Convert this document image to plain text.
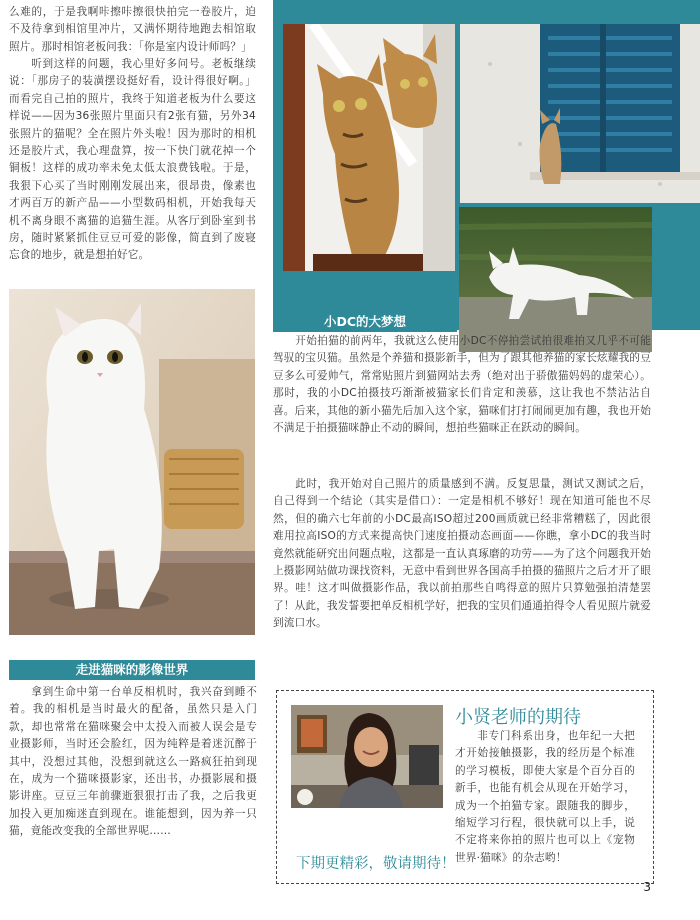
么难的，于是我啊咔擦咔擦很快拍完一卷胶片，迫不及待拿到相馆里冲片，又满怀期待地跑去相馆取照片。那时相馆老板问我：「你是室内设计师吗？」

听到这样的问题，我心里好多问号。老板继续说：「那房子的装潢摆设挺好看，设计得很好啊。」而看完自己拍的照片，我终于知道老板为什么要这样说——因为36张照片里面只有2张有猫，另外34张照片的猫呢？全在照片外头啦！因为那时的相机还是胶片式，我心理盘算，按一下快门就花掉一个铜板！这样的成功率未免太低太浪费钱啦。于是，我狠下心买了当时刚刚发展出来，很昂贵，像素也才两百万的新产品——小型数码相机，开始我每天机不离身眼不离猫的追猫生涯。从客厅到卧室到书房，随时紧紧抓住豆豆可爱的影像，简直到了废寝忘食的地步，就是想拍好它。

小DC的大梦想

开始拍猫的前两年，我就这么使用小DC不停拍尝试拍很难拍又几乎不可能驾驭的宝贝猫。虽然是个养猫和摄影新手，但为了跟其他养猫的家长炫耀我的豆豆多么可爱帅气，常常贴照片到猫网站去秀（绝对出于骄傲猫妈妈的虚荣心）。那时，我的小DC拍摄技巧渐渐被猫家长们肯定和羡慕，这让我也不禁沾沾自喜。后来，其他的新小猫先后加入这个家，猫咪们打打闹闹更加有趣，我也开始不满足于拍摄猫咪静止不动的瞬间，想拍些猫咪正在跃动的瞬间。

此时，我开始对自己照片的质量感到不满。反复思量，测试又测试之后，自己得到一个结论（其实是借口）：一定是相机不够好！现在知道可能也不尽然，但的确六七年前的小DC最高ISO超过200画质就已经非常糟糕了，因此很难用拉高ISO的方式来提高快门速度拍摄动态画面——你瞧，拿小DC的我当时竟然就能研究出问题点啦，这都是一直认真琢磨的功劳——为了这个问题我开始上摄影网站做功课找资料，无意中看到世界各国高手拍摄的猫照片之后才开了眼界。哇！这才叫做摄影作品，我以前拍那些自鸣得意的照片只算勉强拍清楚罢了！从此，我发誓要把单反相机学好，把我的宝贝们通通拍得令人看见照片就爱到流口水。

走进猫咪的影像世界

拿到生命中第一台单反相机时，我兴奋到睡不着。我的相机是当时最火的配备，虽然只是入门款，却也常常在猫咪聚会中太投入而被人误会是专业摄影师，当时还会脸红，因为纯粹是着迷沉醉于其中，没想过其他，没想到就这么一路疯狂拍到现在，成为一个猫咪摄影家，还出书，办摄影展和摄影讲座。豆豆三年前骤逝狠狠打击了我，之后我更加投入更加痴迷直到现在。谁能想到，因为养一只猫，竟能改变我的全部世界呢……

小贤老师的期待

非专门科系出身，也年纪一大把才开始接触摄影，我的经历是个标准的学习模板，即使大家是个百分百的新手，也能有机会从现在开始学习，成为一个拍猫专家。跟随我的脚步，缩短学习行程，很快就可以上手，说不定将来你拍的照片也可以上《宠物世界·猫咪》的杂志哟！

下期更精彩，敬请期待！
3
